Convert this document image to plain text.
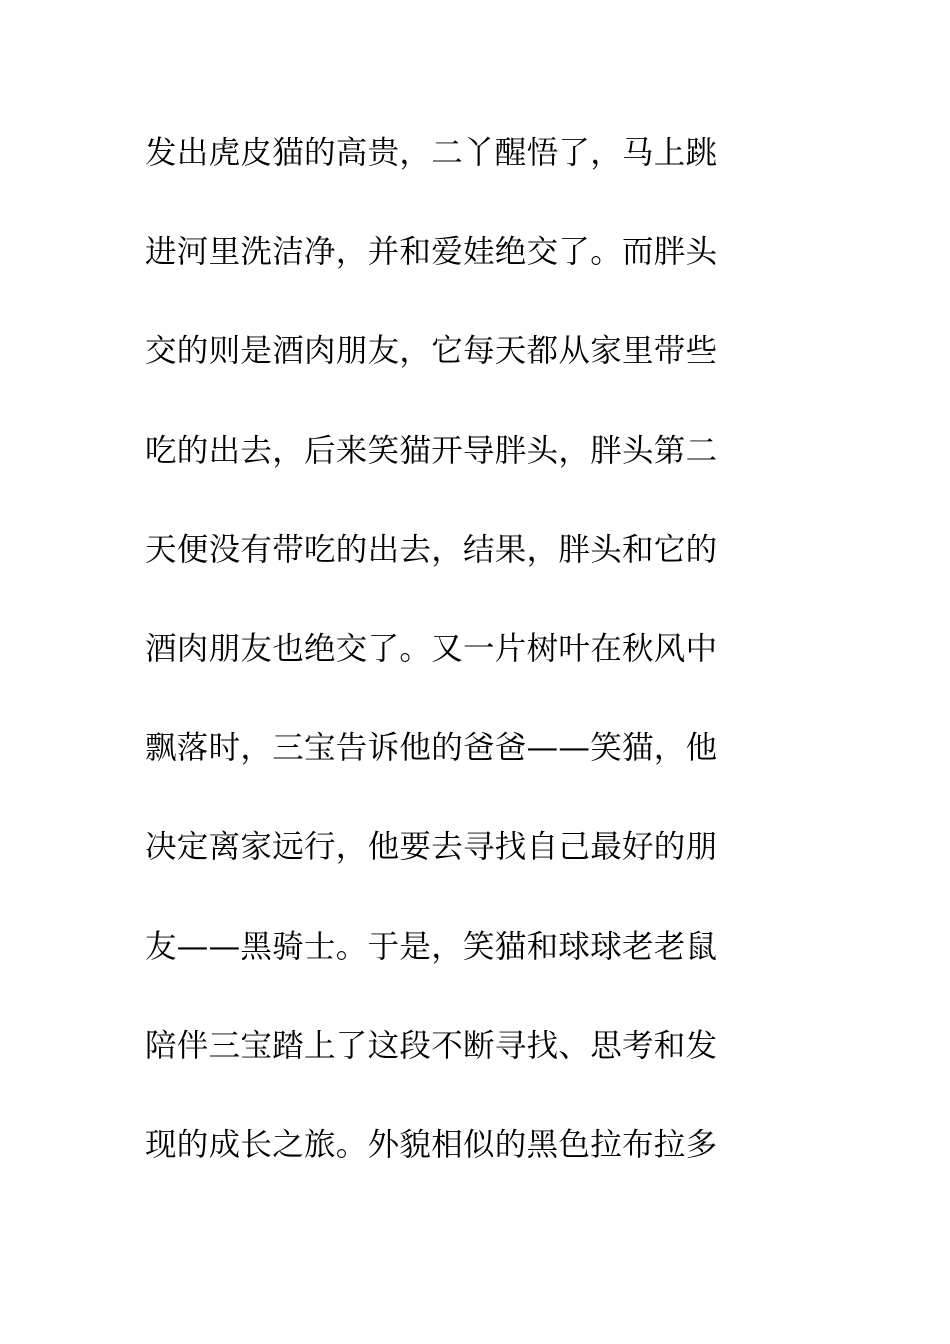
发出虎皮猫的高贵，二丫醒悟了，马上跳
进河里洗洁净，并和爱娃绝交了。而胖头
交的则是酒肉朋友，它每天都从家里带些
吃的出去，后来笑猫开导胖头，胖头第二
天便没有带吃的出去，结果，胖头和它的
酒肉朋友也绝交了。又一片树叶在秋风中
飘落时，三宝告诉他的爸爸——笑猫，他
决定离家远行，他要去寻找自己最好的朋
友——黑骑士。于是，笑猫和球球老老鼠
陪伴三宝踏上了这段不断寻找、思考和发
现的成长之旅。外貌相似的黑色拉布拉多
